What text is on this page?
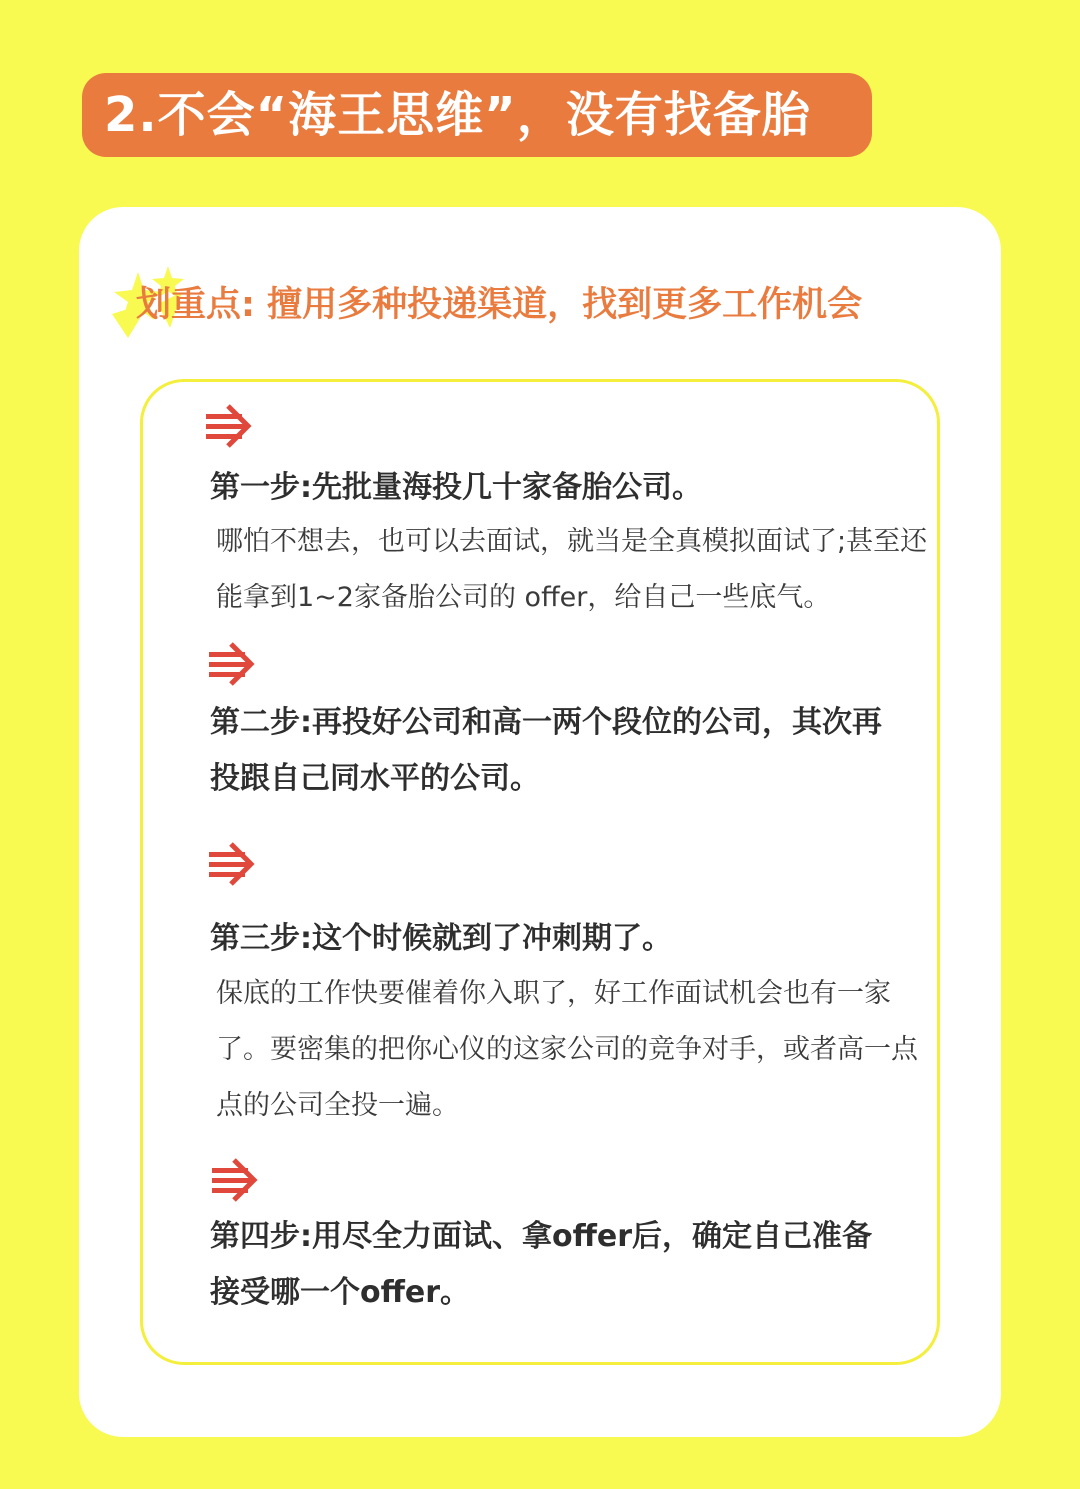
2.不会“海王思维”，没有找备胎
划重点: 擅用多种投递渠道，找到更多工作机会
第一步:先批量海投几十家备胎公司。
哪怕不想去，也可以去面试，就当是全真模拟面试了;甚至还能拿到1~2家备胎公司的 offer，给自己一些底气。
第二步:再投好公司和高一两个段位的公司，其次再投跟自己同水平的公司。
第三步:这个时候就到了冲刺期了。
保底的工作快要催着你入职了，好工作面试机会也有一家了。要密集的把你心仪的这家公司的竞争对手，或者高一点点的公司全投一遍。
第四步:用尽全力面试、拿offer后，确定自己准备接受哪一个offer。
